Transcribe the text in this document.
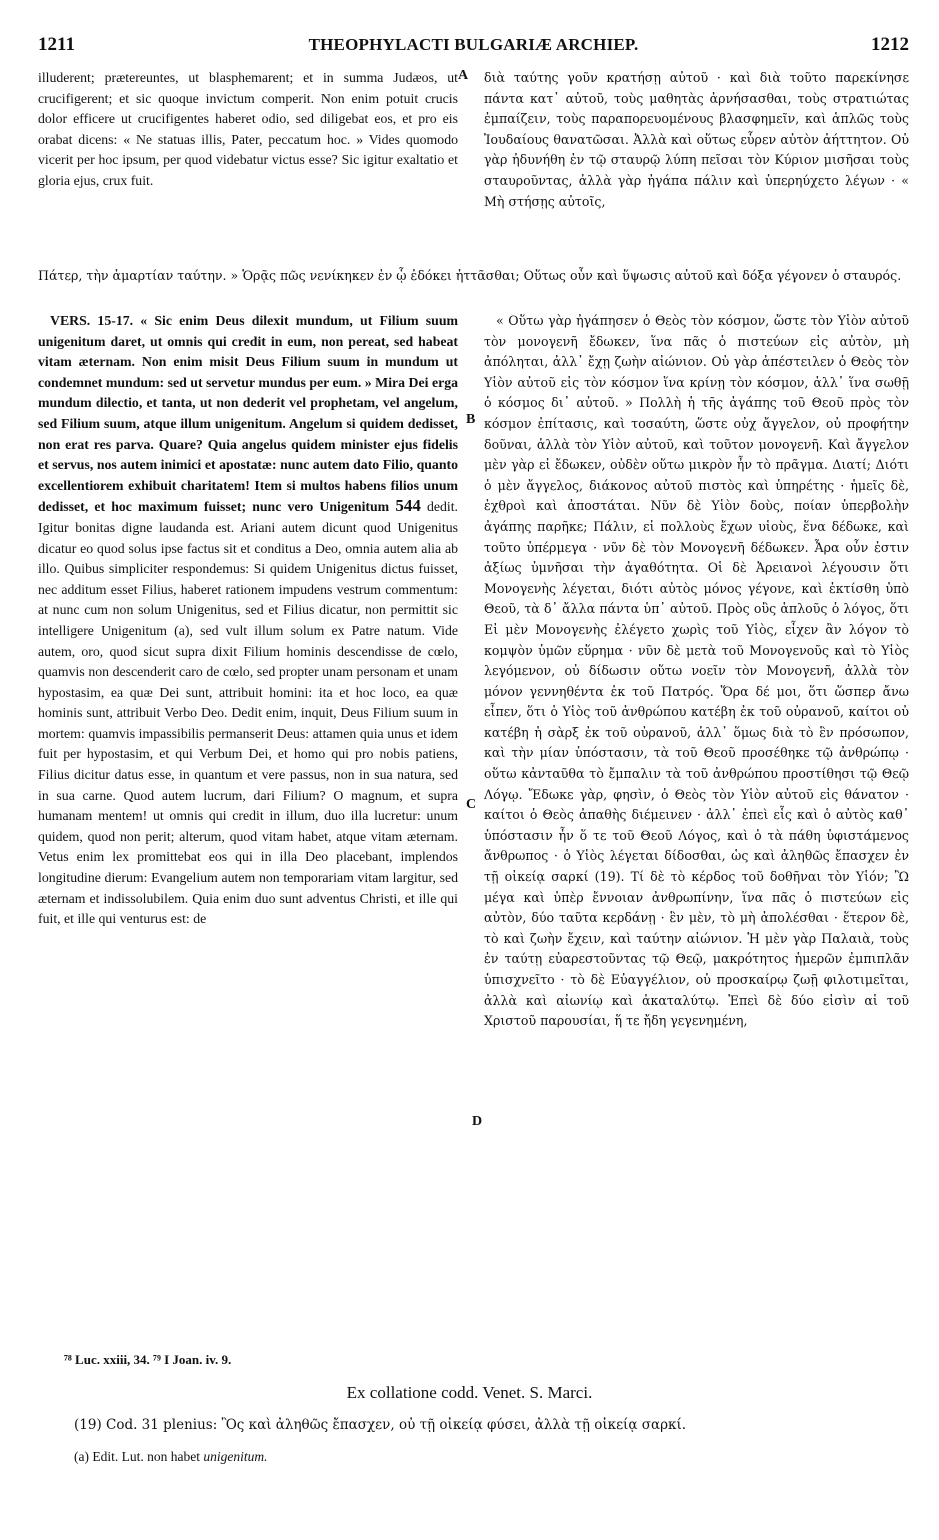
1211	THEOPHYLACTI BULGARIÆ ARCHIEP.	1212

illuderent; prætereuntes, ut blasphemarent; et in summa Judæos, ut crucifigerent; et sic quoque invictum comperit. Non enim potuit crucis dolor efficere ut crucifigentes haberet odio, sed diligebat eos, et pro eis orabat dicens: « Ne statuas illis, Pater, peccatum hoc. » Vides quomodo vicerit per hoc ipsum, per quod videbatur victus esse? Sic igitur exaltatio et gloria ejus, crux fuit.

διὰ ταύτης γοῦν κρατήσῃ αὐτοῦ · καὶ διὰ τοῦτο παρεκίνησε πάντα κατ᾽ αὐτοῦ, τοὺς μαθητὰς ἀρνήσασθαι, τοὺς στρατιώτας ἐμπαίζειν, τοὺς παραπορευομένους βλασφημεῖν, καὶ ἁπλῶς τοὺς Ἰουδαίους θανατῶσαι. Ἀλλὰ καὶ οὕτως εὗρεν αὐτὸν ἀήττητον. Οὐ γὰρ ἠδυνήθη ἐν τῷ σταυρῷ λύπη πεῖσαι τὸν Κύριον μισῆσαι τοὺς σταυροῦντας, ἀλλὰ γὰρ ἠγάπα πάλιν καὶ ὑπερηύχετο λέγων · « Μὴ στήσῃς αὐτοῖς,

A
Πάτερ, τὴν ἁμαρτίαν ταύτην. » Ὁρᾷς πῶς νενίκηκεν ἐν ᾧ ἐδόκει ἡττᾶσθαι; Οὕτως οὖν καὶ ὕψωσις αὐτοῦ καὶ δόξα γέγονεν ὁ σταυρός.

VERS. 15-17. « Sic enim Deus dilexit mundum, ut Filium suum unigenitum daret, ut omnis qui credit in eum, non pereat, sed habeat vitam æternam. Non enim misit Deus Filium suum in mundum ut condemnet mundum: sed ut servetur mundus per eum. » Mira Dei erga mundum dilectio, et tanta, ut non dederit vel prophetam, vel angelum, sed Filium suum, atque illum unigenitum. Angelum si quidem dedisset, non erat res parva. Quare? Quia angelus quidem minister ejus fidelis et servus, nos autem inimici et apostatæ: nunc autem dato Filio, quanto excellentiorem exhibuit charitatem! Item si multos habens filios unum dedisset, et hoc maximum fuisset; nunc vero Unigenitum 544 dedit. Igitur bonitas digne laudanda est. Ariani autem dicunt quod Unigenitus dicatur eo quod solus ipse factus sit et conditus a Deo, omnia autem alia ab illo. Quibus simpliciter respondemus: Si quidem Unigenitus dictus fuisset, nec additum esset Filius, haberet rationem impudens vestrum commentum: at nunc cum non solum Unigenitus, sed et Filius dicatur, non permittit sic intelligere Unigenitum (a), sed vult illum solum ex Patre natum. Vide autem, oro, quod sicut supra dixit Filium hominis descendisse de cœlo, quamvis non descenderit caro de cœlo, sed propter unam personam et unam hypostasim, ea quæ Dei sunt, attribuit homini: ita et hoc loco, ea quæ hominis sunt, attribuit Verbo Deo. Dedit enim, inquit, Deus Filium suum in mortem: quamvis impassibilis permanserit Deus: attamen quia unus et idem fuit per hypostasim, et qui Verbum Dei, et homo qui pro nobis patiens, Filius dicitur datus esse, in quantum et vere passus, non in sua natura, sed in sua carne. Quod autem lucrum, dari Filium? O magnum, et supra humanam mentem! ut omnis qui credit in illum, duo illa lucretur: unum quidem, quod non perit; alterum, quod vitam habet, atque vitam æternam. Vetus enim lex promittebat eos qui in illa Deo placebant, implendos longitudine dierum: Evangelium autem non temporariam vitam largitur, sed æternam et indissolubilem. Quia enim duo sunt adventus Christi, et ille qui fuit, et ille qui venturus est: de

« Οὕτω γὰρ ἠγάπησεν ὁ Θεὸς τὸν κόσμον, ὥστε τὸν Υἱὸν αὐτοῦ τὸν μονογενῆ ἔδωκεν, ἵνα πᾶς ὁ πιστεύων εἰς αὐτὸν, μὴ ἀπόληται, ἀλλ᾽ ἔχῃ ζωὴν αἰώνιον. Οὐ γὰρ ἀπέστειλεν ὁ Θεὸς τὸν Υἱὸν αὐτοῦ εἰς τὸν κόσμον ἵνα κρίνῃ τὸν κόσμον, ἀλλ᾽ ἵνα σωθῇ ὁ κόσμος δι᾽ αὐτοῦ. » Πολλὴ ἡ τῆς ἀγάπης τοῦ Θεοῦ πρὸς τὸν κόσμον ἐπίτασις, καὶ τοσαύτη, ὥστε οὐχ ἄγγελον, οὐ προφήτην δοῦναι, ἀλλὰ τὸν Υἱὸν αὐτοῦ, καὶ τοῦτον μονογενῆ. Καὶ ἄγγελον μὲν γὰρ εἰ ἔδωκεν, οὐδὲν οὕτω μικρὸν ἦν τὸ πρᾶγμα. Διατί; Διότι ὁ μὲν ἄγγελος, διάκονος αὐτοῦ πιστὸς καὶ ὑπηρέτης · ἡμεῖς δὲ, ἐχθροὶ καὶ ἀποστάται. Νῦν δὲ Υἱὸν δοὺς, ποίαν ὑπερβολὴν ἀγάπης παρῆκε; Πάλιν, εἰ πολλοὺς ἔχων υἱοὺς, ἕνα δέδωκε, καὶ τοῦτο ὑπέρμεγα · νῦν δὲ τὸν Μονογενῆ δέδωκεν. Ἆρα οὖν ἐστιν ἀξίως ὑμνῆσαι τὴν ἀγαθότητα. Οἱ δὲ Ἀρειανοὶ λέγουσιν ὅτι Μονογενὴς λέγεται, διότι αὐτὸς μόνος γέγονε, καὶ ἐκτίσθη ὑπὸ Θεοῦ, τὰ δ᾽ ἄλλα πάντα ὑπ᾽ αὐτοῦ. Πρὸς οὓς ἁπλοῦς ὁ λόγος, ὅτι Εἰ μὲν Μονογενὴς ἐλέγετο χωρὶς τοῦ Υἱὸς, εἶχεν ἂν λόγον τὸ κομψὸν ὑμῶν εὕρημα · νῦν δὲ μετὰ τοῦ Μονογενοῦς καὶ τὸ Υἱὸς λεγόμενον, οὐ δίδωσιν οὕτω νοεῖν τὸν Μονογενῆ, ἀλλὰ τὸν μόνον γεννηθέντα ἐκ τοῦ Πατρός. Ὅρα δέ μοι, ὅτι ὥσπερ ἄνω εἶπεν, ὅτι ὁ Υἱὸς τοῦ ἀνθρώπου κατέβη ἐκ τοῦ οὐρανοῦ, καίτοι οὐ κατέβη ἡ σὰρξ ἐκ τοῦ οὐρανοῦ, ἀλλ᾽ ὅμως διὰ τὸ ἓν πρόσωπον, καὶ τὴν μίαν ὑπόστασιν, τὰ τοῦ Θεοῦ προσέθηκε τῷ ἀνθρώπῳ · οὕτω κἀνταῦθα τὸ ἔμπαλιν τὰ τοῦ ἀνθρώπου προστίθησι τῷ Θεῷ Λόγῳ. Ἔδωκε γὰρ, φησὶν, ὁ Θεὸς τὸν Υἱὸν αὐτοῦ εἰς θάνατον · καίτοι ὁ Θεὸς ἀπαθὴς διέμεινεν · ἀλλ᾽ ἐπεὶ εἷς καὶ ὁ αὐτὸς καθ᾽ ὑπόστασιν ἦν ὅ τε τοῦ Θεοῦ Λόγος, καὶ ὁ τὰ πάθη ὑφιστάμενος ἄνθρωπος · ὁ Υἱὸς λέγεται δίδοσθαι, ὡς καὶ ἀληθῶς ἔπασχεν ἐν τῇ οἰκείᾳ σαρκί (19). Τί δὲ τὸ κέρδος τοῦ δοθῆναι τὸν Υἱόν; Ὢ μέγα καὶ ὑπὲρ ἔννοιαν ἀνθρωπίνην, ἵνα πᾶς ὁ πιστεύων εἰς αὐτὸν, δύο ταῦτα κερδάνῃ · ἓν μὲν, τὸ μὴ ἀπολέσθαι · ἕτερον δὲ, τὸ καὶ ζωὴν ἔχειν, καὶ ταύτην αἰώνιον. Ἡ μὲν γὰρ Παλαιὰ, τοὺς ἐν ταύτῃ εὐαρεστοῦντας τῷ Θεῷ, μακρότητος ἡμερῶν ἐμπιπλᾶν ὑπισχνεῖτο · τὸ δὲ Εὐαγγέλιον, οὐ προσκαίρῳ ζωῇ φιλοτιμεῖται, ἀλλὰ καὶ αἰωνίῳ καὶ ἀκαταλύτῳ. Ἐπεὶ δὲ δύο εἰσὶν αἱ τοῦ Χριστοῦ παρουσίαι, ἥ τε ἤδη γεγενημένη,

B
C
D
⁷⁸ Luc. xxiii, 34. ⁷⁹ I Joan. iv. 9.
Ex collatione codd. Venet. S. Marci.
(19) Cod. 31 plenius: Ὃς καὶ ἀληθῶς ἔπασχεν, οὐ τῇ οἰκείᾳ φύσει, ἀλλὰ τῇ οἰκείᾳ σαρκί.
(a) Edit. Lut. non habet unigenitum.
